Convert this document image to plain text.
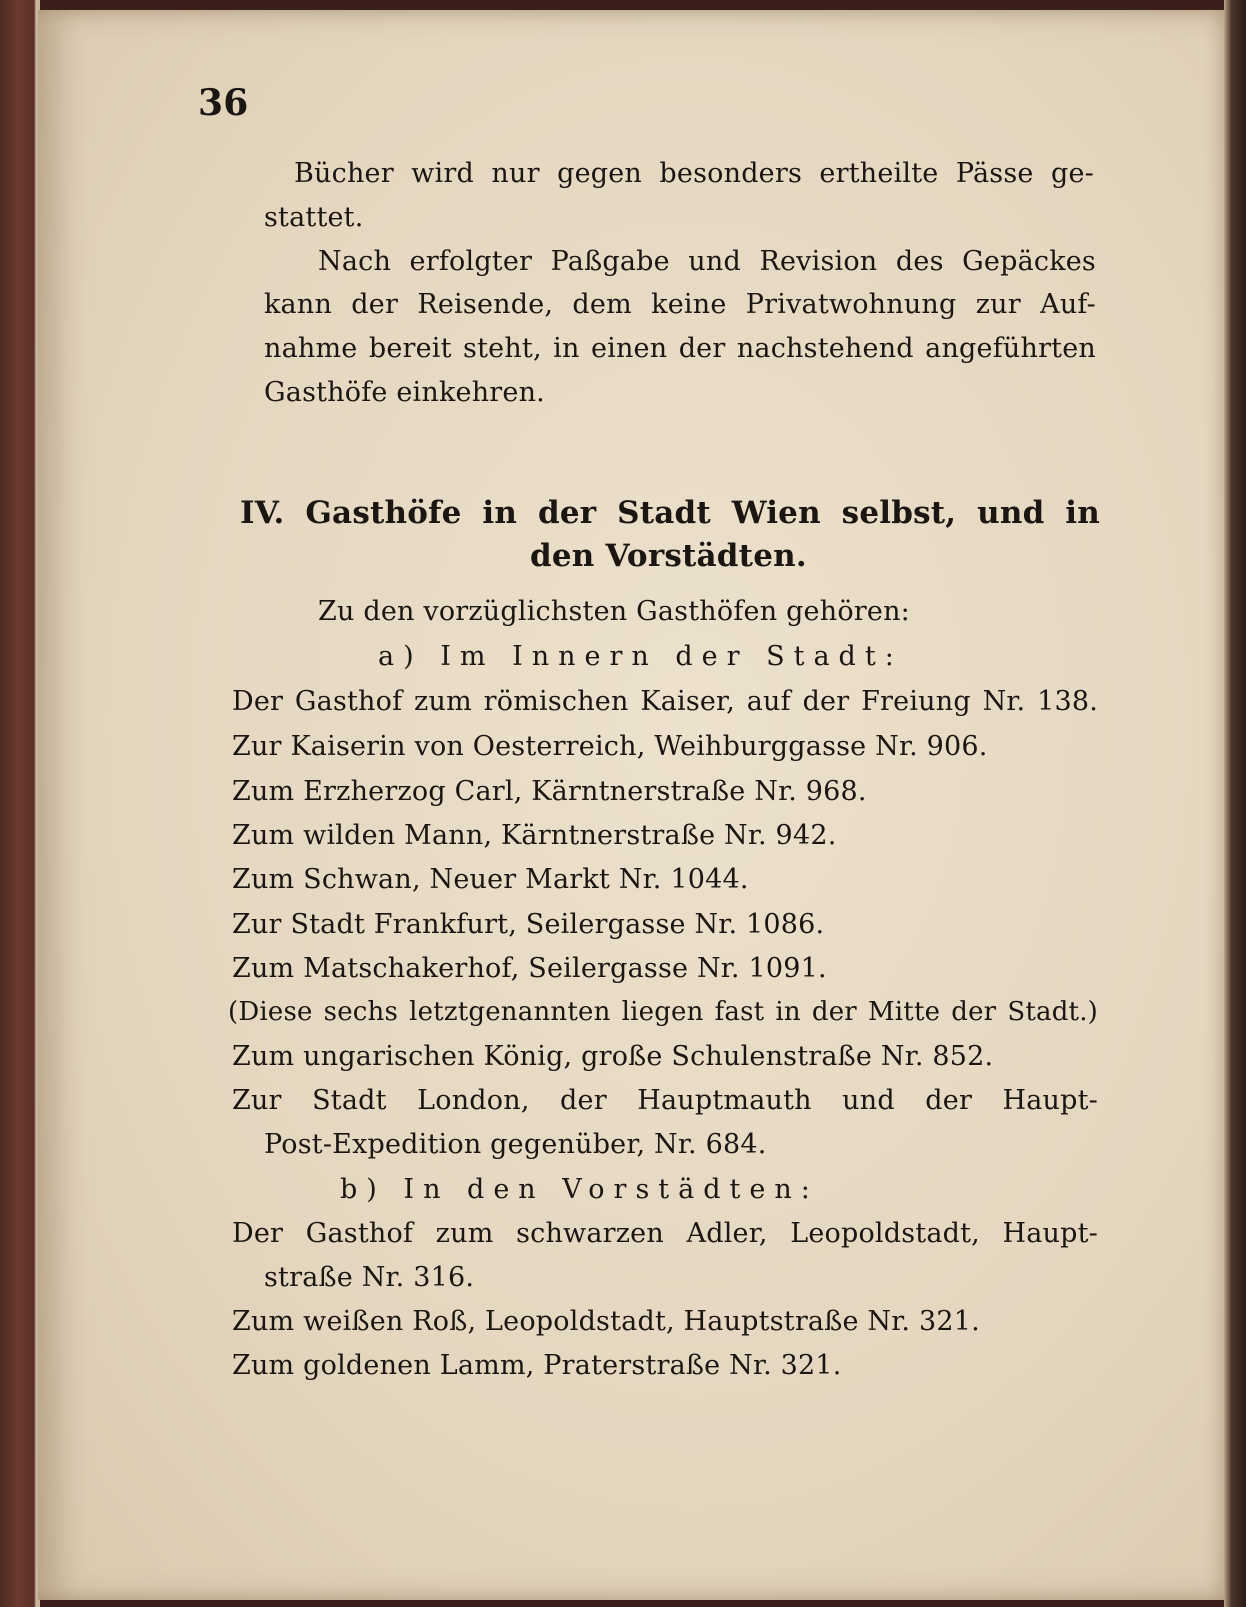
36
Bücher wird nur gegen besonders ertheilte Pässe ge-
stattet.
Nach erfolgter Paßgabe und Revision des Gepäckes
kann der Reisende, dem keine Privatwohnung zur Auf-
nahme bereit steht, in einen der nachstehend angeführten
Gasthöfe einkehren.
IV. Gasthöfe in der Stadt Wien selbst, und in
den Vorstädten.
Zu den vorzüglichsten Gasthöfen gehören:
a) Im Innern der Stadt:
Der Gasthof zum römischen Kaiser, auf der Freiung Nr. 138.
Zur Kaiserin von Oesterreich, Weihburggasse Nr. 906.
Zum Erzherzog Carl, Kärntnerstraße Nr. 968.
Zum wilden Mann, Kärntnerstraße Nr. 942.
Zum Schwan, Neuer Markt Nr. 1044.
Zur Stadt Frankfurt, Seilergasse Nr. 1086.
Zum Matschakerhof, Seilergasse Nr. 1091.
(Diese sechs letztgenannten liegen fast in der Mitte der Stadt.)
Zum ungarischen König, große Schulenstraße Nr. 852.
Zur Stadt London, der Hauptmauth und der Haupt-
Post-Expedition gegenüber, Nr. 684.
b) In den Vorstädten:
Der Gasthof zum schwarzen Adler, Leopoldstadt, Haupt-
straße Nr. 316.
Zum weißen Roß, Leopoldstadt, Hauptstraße Nr. 321.
Zum goldenen Lamm, Praterstraße Nr. 321.
